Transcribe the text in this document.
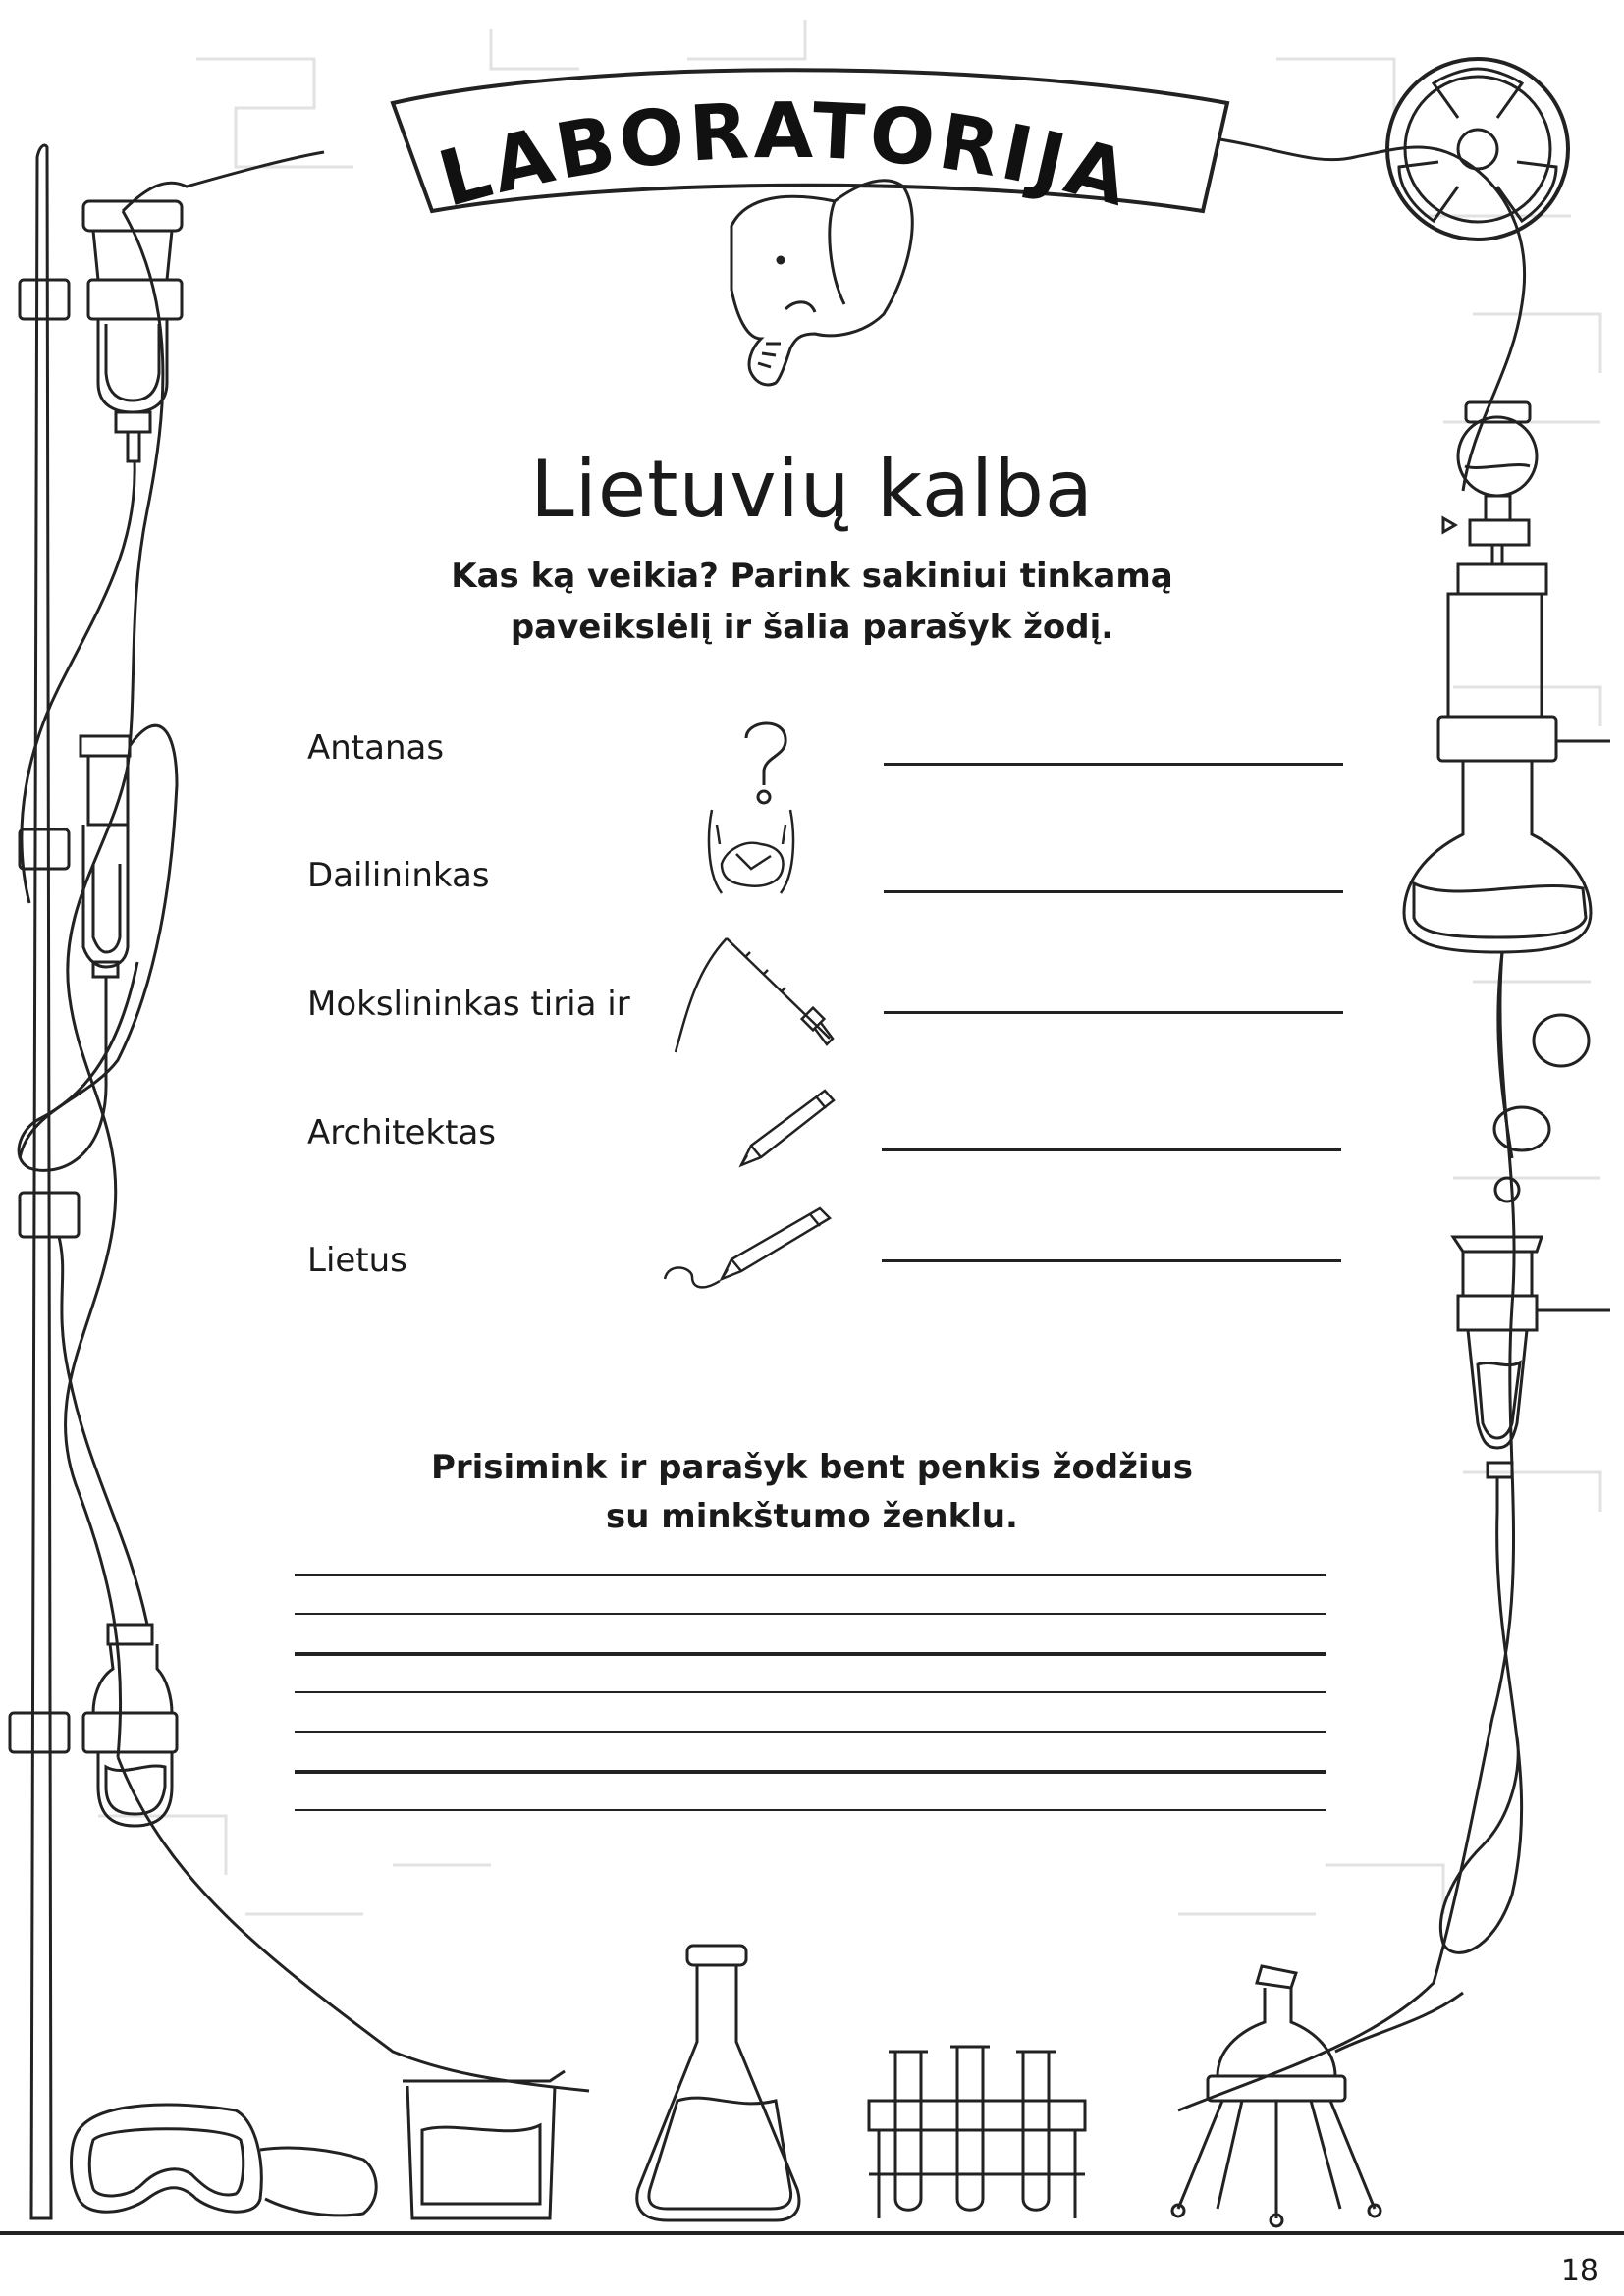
LABORATORIJA
Lietuvių kalba
Kas ką veikia? Parink sakiniui tinkamą
paveikslėlį ir šalia parašyk žodį.
Antanas
Dailininkas
Mokslininkas tiria ir
Architektas
Lietus
Prisimink ir parašyk bent penkis žodžius
su minkštumo ženklu.
18
